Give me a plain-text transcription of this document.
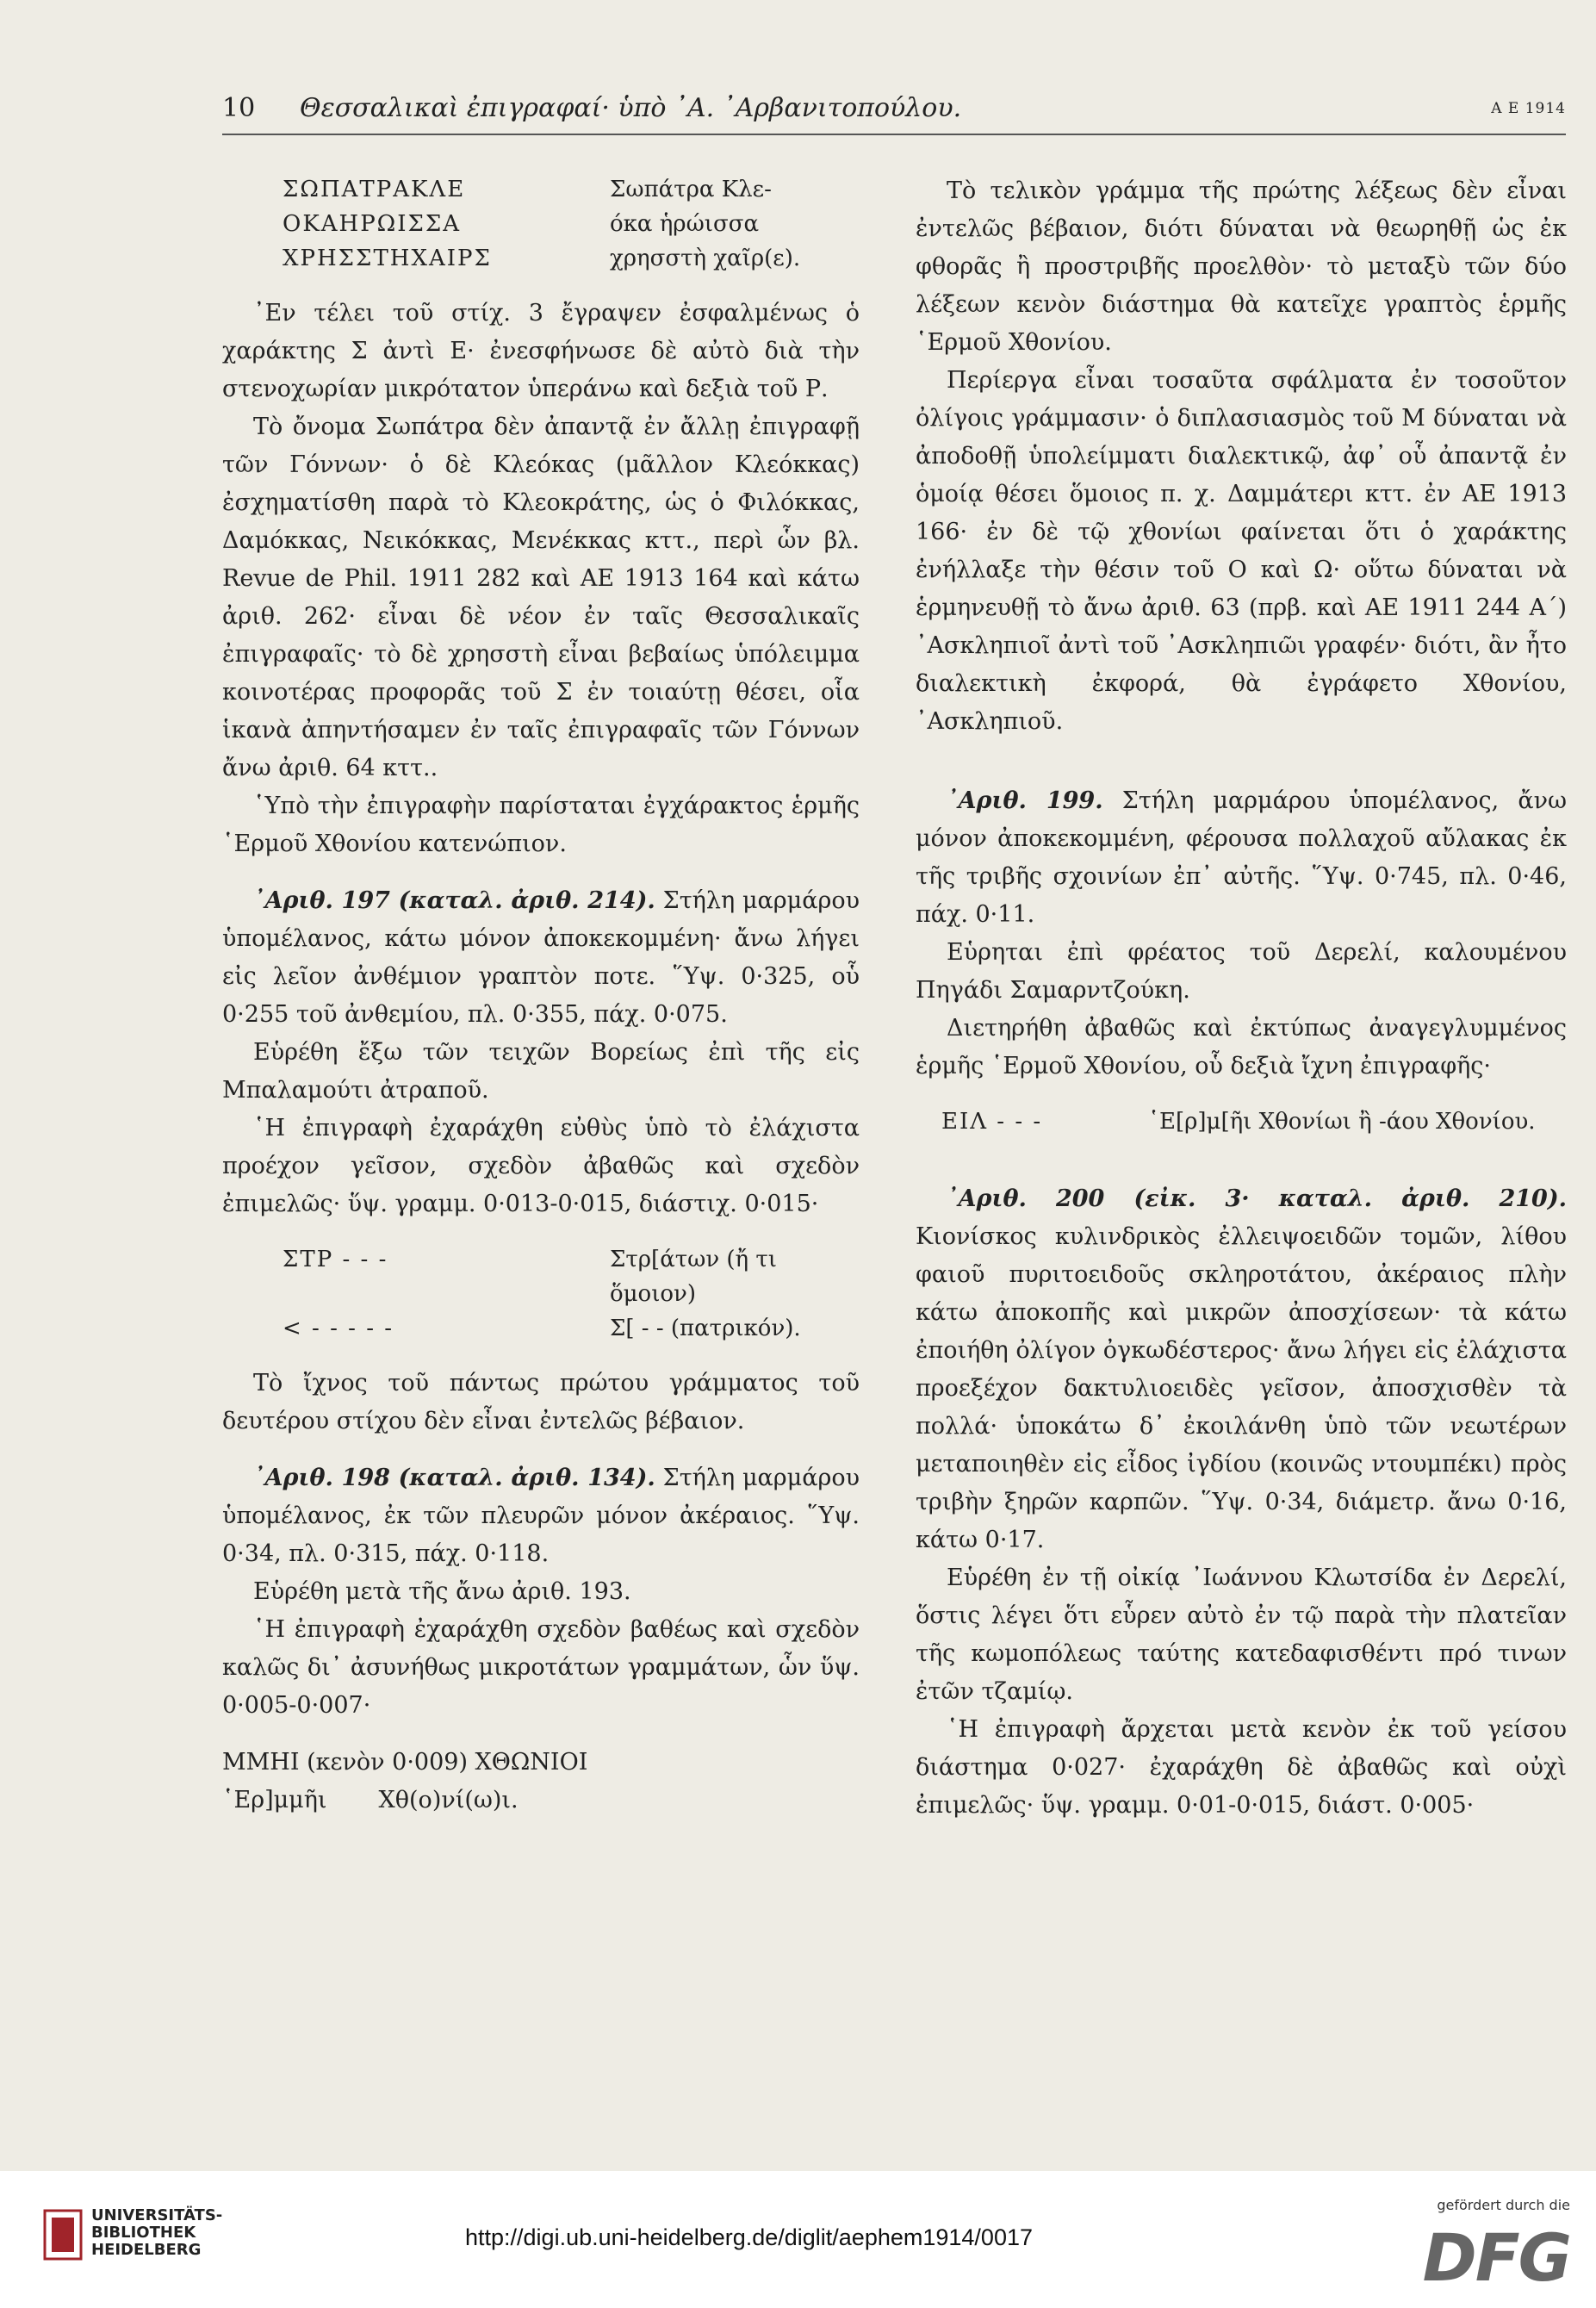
10 Θεσσαλικαὶ ἐπιγραφαί· ὑπὸ ᾿Α. ᾿Αρβανιτοπούλου.	Α Ε 1914
ΣΩΠΑΤΡΑΚΛΕ	Σωπάτρα Κλε-
ΟΚΑΗΡΩΙΣΣΑ	όκα ἡρώισσα
ΧΡΗΣΣΤΗΧΑΙΡΣ	χρησστὴ χαῖρ(ε).

᾿Εν τέλει τοῦ στίχ. 3 ἔγραψεν ἐσφαλμένως ὁ χαράκτης Σ ἀντὶ Ε· ἐνεσφήνωσε δὲ αὐτὸ διὰ τὴν στενοχωρίαν μικρότατον ὑπεράνω καὶ δεξιὰ τοῦ Ρ.

Τὸ ὄνομα Σωπάτρα δὲν ἀπαντᾷ ἐν ἄλλῃ ἐπιγραφῇ τῶν Γόννων· ὁ δὲ Κλεόκας (μᾶλλον Κλεόκκας) ἐσχηματίσθη παρὰ τὸ Κλεοκράτης, ὡς ὁ Φιλόκκας, Δαμόκκας, Νεικόκκας, Μενέκκας κττ., περὶ ὧν βλ. Revue de Phil. 1911 282 καὶ ΑΕ 1913 164 καὶ κάτω ἀριθ. 262· εἶναι δὲ νέον ἐν ταῖς Θεσσαλικαῖς ἐπιγραφαῖς· τὸ δὲ χρησστὴ εἶναι βεβαίως ὑπόλειμμα κοινοτέρας προφορᾶς τοῦ Σ ἐν τοιαύτῃ θέσει, οἷα ἱκανὰ ἀπηντήσαμεν ἐν ταῖς ἐπιγραφαῖς τῶν Γόννων ἄνω ἀριθ. 64 κττ..

῾Υπὸ τὴν ἐπιγραφὴν παρίσταται ἐγχάρακτος ἑρμῆς ῾Ερμοῦ Χθονίου κατενώπιον.

᾿Αριθ. 197 (καταλ. ἀριθ. 214). Στήλη μαρμάρου ὑπομέλανος, κάτω μόνον ἀποκεκομμένη· ἄνω λήγει εἰς λεῖον ἀνθέμιον γραπτὸν ποτε. ῞Υψ. 0·325, οὗ 0·255 τοῦ ἀνθεμίου, πλ. 0·355, πάχ. 0·075.

Εὑρέθη ἔξω τῶν τειχῶν Βορείως ἐπὶ τῆς εἰς Μπαλαμούτι ἀτραποῦ.

῾Η ἐπιγραφὴ ἐχαράχθη εὐθὺς ὑπὸ τὸ ἐλάχιστα προέχον γεῖσον, σχεδὸν ἀβαθῶς καὶ σχεδὸν ἐπιμελῶς· ὕψ. γραμμ. 0·013-0·015, διάστιχ. 0·015·

ΣΤΡ - - -	Στρ[άτων (ἤ τι ὅμοιον)
< - - - - -	Σ[ - - (πατρικόν).

Τὸ ἴχνος τοῦ πάντως πρώτου γράμματος τοῦ δευτέρου στίχου δὲν εἶναι ἐντελῶς βέβαιον.

᾿Αριθ. 198 (καταλ. ἀριθ. 134). Στήλη μαρμάρου ὑπομέλανος, ἐκ τῶν πλευρῶν μόνον ἀκέραιος. ῞Υψ. 0·34, πλ. 0·315, πάχ. 0·118.

Εὑρέθη μετὰ τῆς ἄνω ἀριθ. 193.

῾Η ἐπιγραφὴ ἐχαράχθη σχεδὸν βαθέως καὶ σχεδὸν καλῶς δι᾿ ἀσυνήθως μικροτάτων γραμμάτων, ὧν ὕψ. 0·005-0·007·

ΜΜΗΙ (κενὸν 0·009) ΧΘΩΝΙΟΙ

῾Ερ]μμῆι       Χθ(ο)νί(ω)ι.

Τὸ τελικὸν γράμμα τῆς πρώτης λέξεως δὲν εἶναι ἐντελῶς βέβαιον, διότι δύναται νὰ θεωρηθῇ ὡς ἐκ φθορᾶς ἢ προστριβῆς προελθὸν· τὸ μεταξὺ τῶν δύο λέξεων κενὸν διάστημα θὰ κατεῖχε γραπτὸς ἑρμῆς ῾Ερμοῦ Χθονίου.

Περίεργα εἶναι τοσαῦτα σφάλματα ἐν τοσοῦτον ὀλίγοις γράμμασιν· ὁ διπλασιασμὸς τοῦ Μ δύναται νὰ ἀποδοθῇ ὑπολείμματι διαλεκτικῷ, ἀφ᾿ οὗ ἀπαντᾷ ἐν ὁμοίᾳ θέσει ὅμοιος π. χ. Δαμμάτερι κττ. ἐν ΑΕ 1913 166· ἐν δὲ τῷ χθονίωι φαίνεται ὅτι ὁ χαράκτης ἐνήλλαξε τὴν θέσιν τοῦ Ο καὶ Ω· οὕτω δύναται νὰ ἑρμηνευθῇ τὸ ἄνω ἀριθ. 63 (πρβ. καὶ ΑΕ 1911 244 Α´) ᾿Ασκληπιοῖ ἀντὶ τοῦ ᾿Ασκληπιῶι γραφέν· διότι, ἂν ἦτο διαλεκτικὴ ἐκφορά, θὰ ἐγράφετο Χθονίου, ᾿Ασκληπιοῦ.

᾿Αριθ. 199. Στήλη μαρμάρου ὑπομέλανος, ἄνω μόνον ἀποκεκομμένη, φέρουσα πολλαχοῦ αὔλακας ἐκ τῆς τριβῆς σχοινίων ἐπ᾿ αὐτῆς. ῞Υψ. 0·745, πλ. 0·46, πάχ. 0·11.

Εὑρηται ἐπὶ φρέατος τοῦ Δερελί, καλουμένου Πηγάδι Σαμαρντζούκη.

Διετηρήθη ἀβαθῶς καὶ ἐκτύπως ἀναγεγλυμμένος ἑρμῆς ῾Ερμοῦ Χθονίου, οὗ δεξιὰ ἴχνη ἐπιγραφῆς·

ΕΙΛ - - -	῾Ε[ρ]μ[ῆι Χθονίωι ἢ -άου Χθονίου.

᾿Αριθ. 200 (εἰκ. 3· καταλ. ἀριθ. 210). Κιονίσκος κυλινδρικὸς ἐλλειψοειδῶν τομῶν, λίθου φαιοῦ πυριτοειδοῦς σκληροτάτου, ἀκέραιος πλὴν κάτω ἀποκοπῆς καὶ μικρῶν ἀποσχίσεων· τὰ κάτω ἐποιήθη ὀλίγον ὀγκωδέστερος· ἄνω λήγει εἰς ἐλάχιστα προεξέχον δακτυλιοειδὲς γεῖσον, ἀποσχισθὲν τὰ πολλά· ὑποκάτω δ᾿ ἐκοιλάνθη ὑπὸ τῶν νεωτέρων μεταποιηθὲν εἰς εἶδος ἰγδίου (κοινῶς ντουμπέκι) πρὸς τριβὴν ξηρῶν καρπῶν. ῞Υψ. 0·34, διάμετρ. ἄνω 0·16, κάτω 0·17.

Εὑρέθη ἐν τῇ οἰκίᾳ ᾿Ιωάννου Κλωτσίδα ἐν Δερελί, ὅστις λέγει ὅτι εὗρεν αὐτὸ ἐν τῷ παρὰ τὴν πλατεῖαν τῆς κωμοπόλεως ταύτης κατεδαφισθέντι πρό τινων ἐτῶν τζαμίῳ.

῾Η ἐπιγραφὴ ἄρχεται μετὰ κενὸν ἐκ τοῦ γείσου διάστημα 0·027· ἐχαράχθη δὲ ἀβαθῶς καὶ οὐχὶ ἐπιμελῶς· ὕψ. γραμμ. 0·01-0·015, διάστ. 0·005·

UNIVERSITÄTS-
BIBLIOTHEK
HEIDELBERG	http://digi.ub.uni-heidelberg.de/diglit/aephem1914/0017
gefördert durch die
DFG
